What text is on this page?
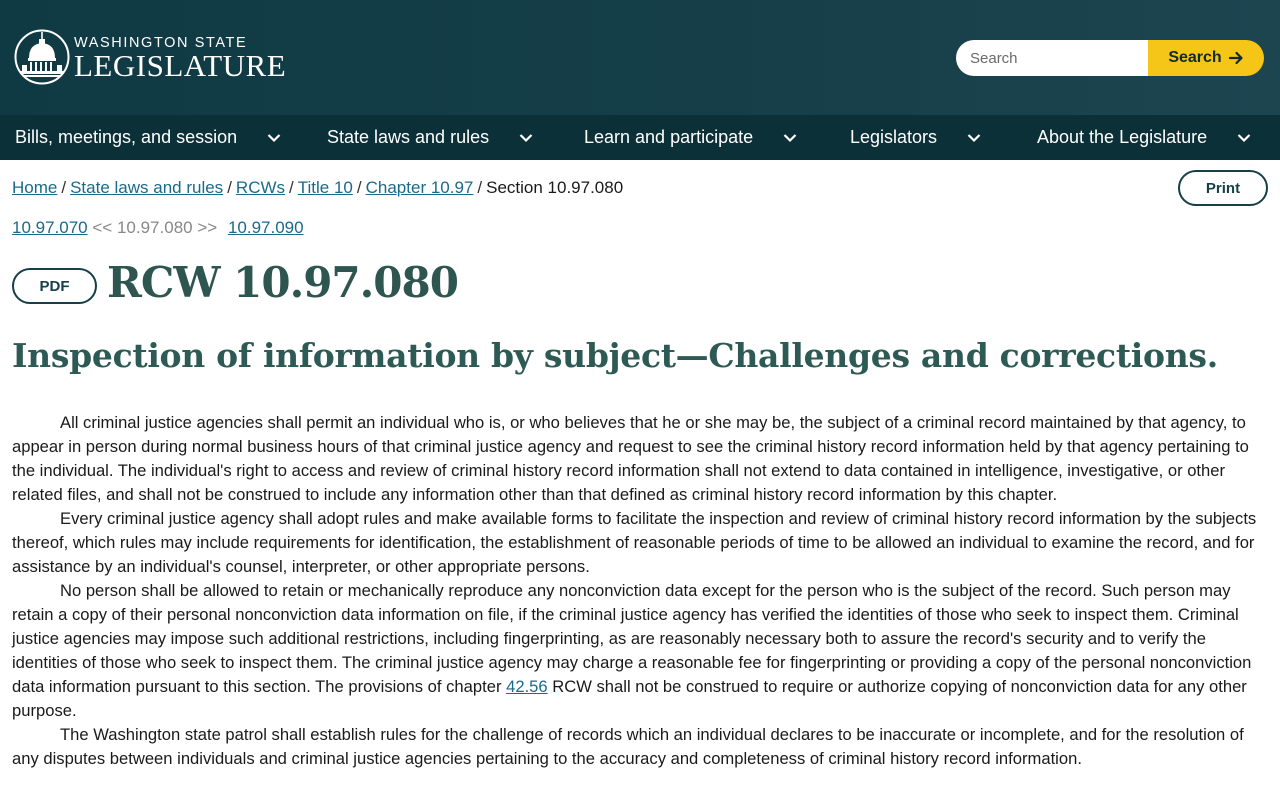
WASHINGTON STATE
LEGISLATURE
Search	Search
Bills, meetings, and session	State laws and rules	Learn and participate	Legislators	About the Legislature
Home / State laws and rules / RCWs / Title 10 / Chapter 10.97 / Section 10.97.080	Print
10.97.070 << 10.97.080 >> 10.97.090
PDF RCW 10.97.080
Inspection of information by subject—Challenges and corrections.

All criminal justice agencies shall permit an individual who is, or who believes that he or she may be, the subject of a criminal record maintained by that agency, to appear in person during normal business hours of that criminal justice agency and request to see the criminal history record information held by that agency pertaining to the individual. The individual's right to access and review of criminal history record information shall not extend to data contained in intelligence, investigative, or other related files, and shall not be construed to include any information other than that defined as criminal history record information by this chapter.

Every criminal justice agency shall adopt rules and make available forms to facilitate the inspection and review of criminal history record information by the subjects thereof, which rules may include requirements for identification, the establishment of reasonable periods of time to be allowed an individual to examine the record, and for assistance by an individual's counsel, interpreter, or other appropriate persons.

No person shall be allowed to retain or mechanically reproduce any nonconviction data except for the person who is the subject of the record. Such person may retain a copy of their personal nonconviction data information on file, if the criminal justice agency has verified the identities of those who seek to inspect them. Criminal justice agencies may impose such additional restrictions, including fingerprinting, as are reasonably necessary both to assure the record's security and to verify the identities of those who seek to inspect them. The criminal justice agency may charge a reasonable fee for fingerprinting or providing a copy of the personal nonconviction data information pursuant to this section. The provisions of chapter 42.56 RCW shall not be construed to require or authorize copying of nonconviction data for any other purpose.

The Washington state patrol shall establish rules for the challenge of records which an individual declares to be inaccurate or incomplete, and for the resolution of any disputes between individuals and criminal justice agencies pertaining to the accuracy and completeness of criminal history record information.
